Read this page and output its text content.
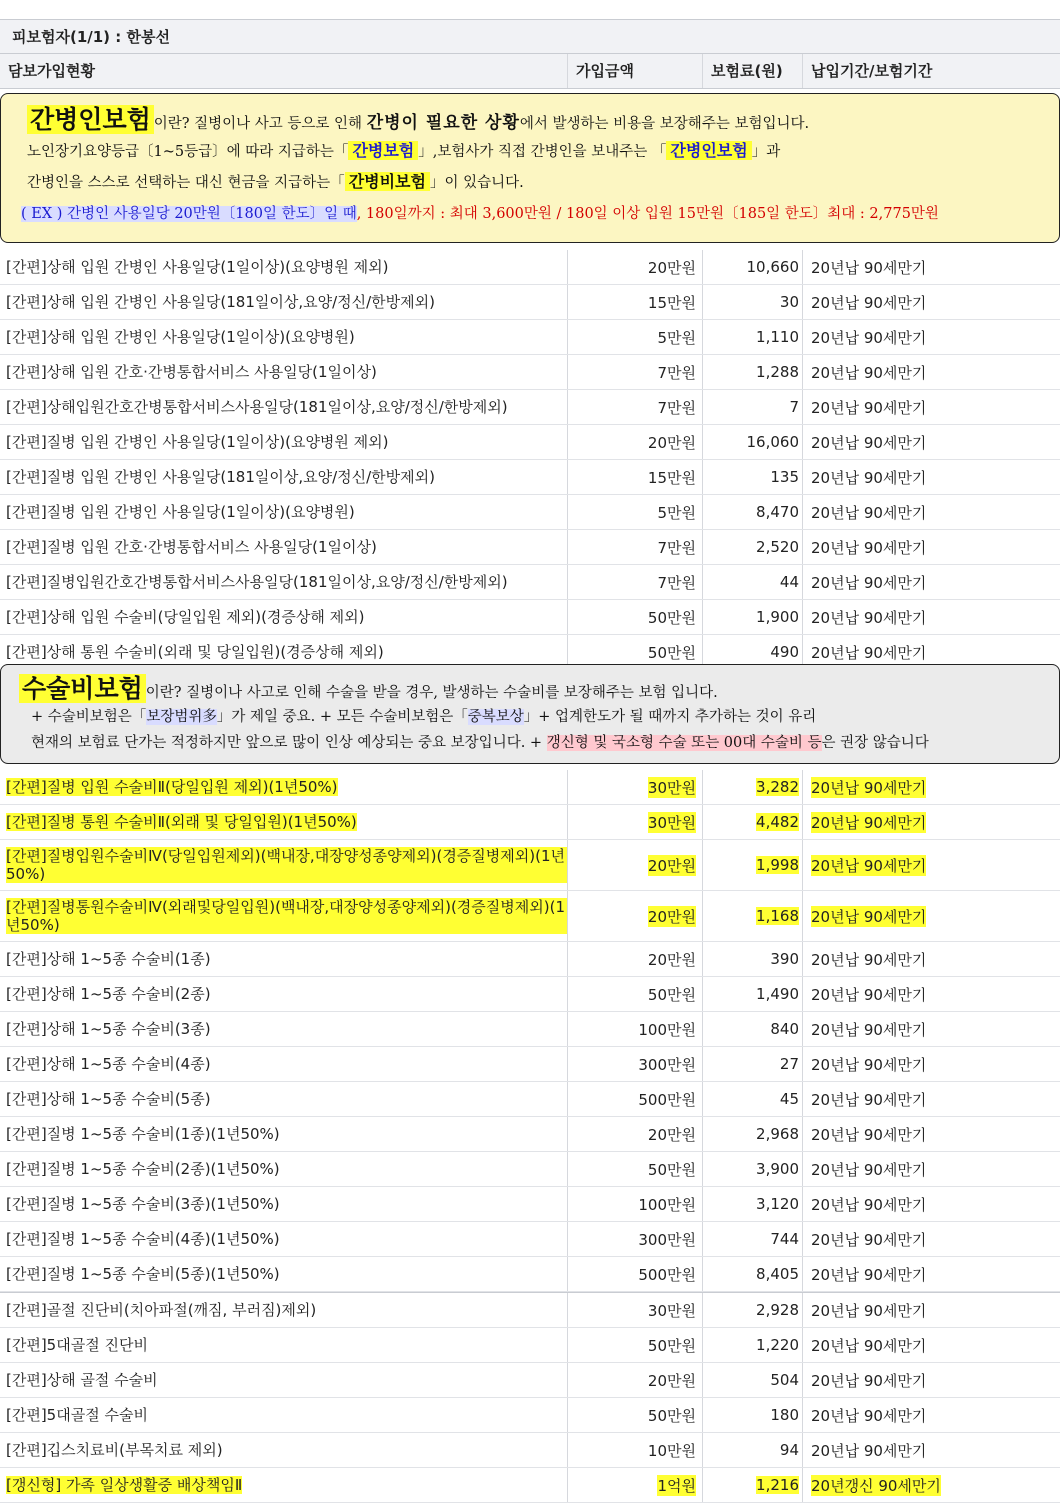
피보험자(1/1) : 한봉선
담보가입현황	가입금액	보험료(원)	납입기간/보험기간
간병인보험 이란? 질병이나 사고 등으로 인해 간병이 필요한 상황에서 발생하는 비용을 보장해주는 보험입니다.
노인장기요양등급〔1~5등급〕에 따라 지급하는「 간병보험 」,보험사가 직접 간병인을 보내주는 「 간병인보험 」과
간병인을 스스로 선택하는 대신 현금을 지급하는「 간병비보험 」이 있습니다.
( EX ) 간병인 사용일당 20만원〔180일 한도〕일 때, 180일까지 : 최대 3,600만원 / 180일 이상 입원 15만원〔185일 한도〕최대 : 2,775만원
[간편]상해 입원 간병인 사용일당(1일이상)(요양병원 제외)	20만원	10,660 20년납 90세만기
[간편]상해 입원 간병인 사용일당(181일이상,요양/정신/한방제외)	15만원	30 20년납 90세만기
[간편]상해 입원 간병인 사용일당(1일이상)(요양병원)	5만원	1,110 20년납 90세만기
[간편]상해 입원 간호·간병통합서비스 사용일당(1일이상)	7만원	1,288 20년납 90세만기
[간편]상해입원간호간병통합서비스사용일당(181일이상,요양/정신/한방제외)	7만원	7 20년납 90세만기
[간편]질병 입원 간병인 사용일당(1일이상)(요양병원 제외)	20만원	16,060 20년납 90세만기
[간편]질병 입원 간병인 사용일당(181일이상,요양/정신/한방제외)	15만원	135 20년납 90세만기
[간편]질병 입원 간병인 사용일당(1일이상)(요양병원)	5만원	8,470 20년납 90세만기
[간편]질병 입원 간호·간병통합서비스 사용일당(1일이상)	7만원	2,520 20년납 90세만기
[간편]질병입원간호간병통합서비스사용일당(181일이상,요양/정신/한방제외)	7만원	44 20년납 90세만기
[간편]상해 입원 수술비(당일입원 제외)(경증상해 제외)	50만원	1,900 20년납 90세만기
[간편]상해 통원 수술비(외래 및 당일입원)(경증상해 제외)	50만원	490 20년납 90세만기
수술비보험 이란? 질병이나 사고로 인해 수술을 받을 경우, 발생하는 수술비를 보장해주는 보험 입니다.
+ 수술비보험은「보장범위多」가 제일 중요. + 모든 수술비보험은「중복보상」+ 업계한도가 될 때까지 추가하는 것이 유리
현재의 보험료 단가는 적정하지만 앞으로 많이 인상 예상되는 중요 보장입니다. + 갱신형 및 국소형 수술 또는 00대 수술비 등은 권장 않습니다
[간편]질병 입원 수술비Ⅱ(당일입원 제외)(1년50%)	30만원	3,282 20년납 90세만기
[간편]질병 통원 수술비Ⅱ(외래 및 당일입원)(1년50%)	30만원	4,482 20년납 90세만기
[간편]질병입원수술비Ⅳ(당일입원제외)(백내장,대장양성종양제외)(경증질병제외)(1년50%)	20만원	1,998 20년납 90세만기
[간편]질병통원수술비Ⅳ(외래및당일입원)(백내장,대장양성종양제외)(경증질병제외)(1년50%)	20만원	1,168 20년납 90세만기
[간편]상해 1~5종 수술비(1종)	20만원	390 20년납 90세만기
[간편]상해 1~5종 수술비(2종)	50만원	1,490 20년납 90세만기
[간편]상해 1~5종 수술비(3종)	100만원	840 20년납 90세만기
[간편]상해 1~5종 수술비(4종)	300만원	27 20년납 90세만기
[간편]상해 1~5종 수술비(5종)	500만원	45 20년납 90세만기
[간편]질병 1~5종 수술비(1종)(1년50%)	20만원	2,968 20년납 90세만기
[간편]질병 1~5종 수술비(2종)(1년50%)	50만원	3,900 20년납 90세만기
[간편]질병 1~5종 수술비(3종)(1년50%)	100만원	3,120 20년납 90세만기
[간편]질병 1~5종 수술비(4종)(1년50%)	300만원	744 20년납 90세만기
[간편]질병 1~5종 수술비(5종)(1년50%)	500만원	8,405 20년납 90세만기
[간편]골절 진단비(치아파절(깨짐, 부러짐)제외)	30만원	2,928 20년납 90세만기
[간편]5대골절 진단비	50만원	1,220 20년납 90세만기
[간편]상해 골절 수술비	20만원	504 20년납 90세만기
[간편]5대골절 수술비	50만원	180 20년납 90세만기
[간편]깁스치료비(부목치료 제외)	10만원	94 20년납 90세만기
[갱신형] 가족 일상생활중 배상책임Ⅱ	1억원	1,216 20년갱신 90세만기
